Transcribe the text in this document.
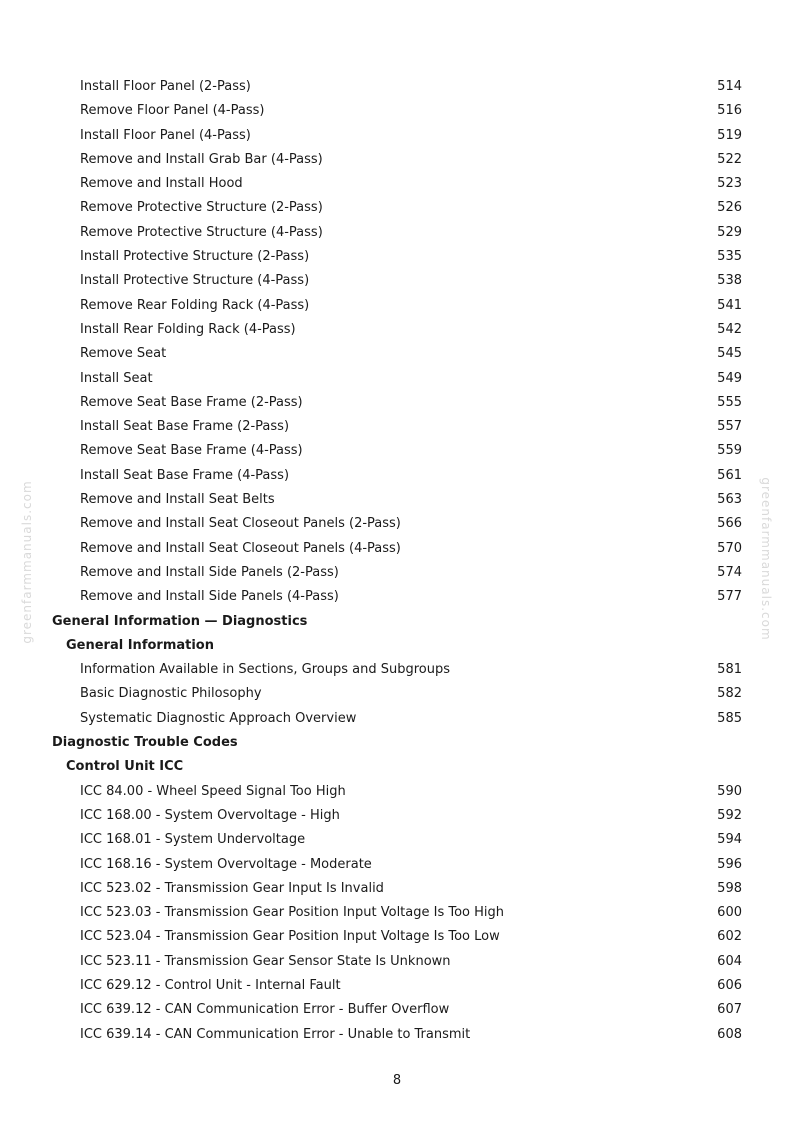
greenfarmmanuals.com	greenfarmmanuals.com
Install Floor Panel (2-Pass)	514
Remove Floor Panel (4-Pass)	516
Install Floor Panel (4-Pass)	519
Remove and Install Grab Bar (4-Pass)	522
Remove and Install Hood	523
Remove Protective Structure (2-Pass)	526
Remove Protective Structure (4-Pass)	529
Install Protective Structure (2-Pass)	535
Install Protective Structure (4-Pass)	538
Remove Rear Folding Rack (4-Pass)	541
Install Rear Folding Rack (4-Pass)	542
Remove Seat	545
Install Seat	549
Remove Seat Base Frame (2-Pass)	555
Install Seat Base Frame (2-Pass)	557
Remove Seat Base Frame (4-Pass)	559
Install Seat Base Frame (4-Pass)	561
Remove and Install Seat Belts	563
Remove and Install Seat Closeout Panels (2-Pass)	566
Remove and Install Seat Closeout Panels (4-Pass)	570
Remove and Install Side Panels (2-Pass)	574
Remove and Install Side Panels (4-Pass)	577
General Information — Diagnostics
General Information
Information Available in Sections, Groups and Subgroups	581
Basic Diagnostic Philosophy	582
Systematic Diagnostic Approach Overview	585
Diagnostic Trouble Codes
Control Unit ICC
ICC 84.00 - Wheel Speed Signal Too High	590
ICC 168.00 - System Overvoltage - High	592
ICC 168.01 - System Undervoltage	594
ICC 168.16 - System Overvoltage - Moderate	596
ICC 523.02 - Transmission Gear Input Is Invalid	598
ICC 523.03 - Transmission Gear Position Input Voltage Is Too High	600
ICC 523.04 - Transmission Gear Position Input Voltage Is Too Low	602
ICC 523.11 - Transmission Gear Sensor State Is Unknown	604
ICC 629.12 - Control Unit - Internal Fault	606
ICC 639.12 - CAN Communication Error - Buffer Overflow	607
ICC 639.14 - CAN Communication Error - Unable to Transmit	608
8
